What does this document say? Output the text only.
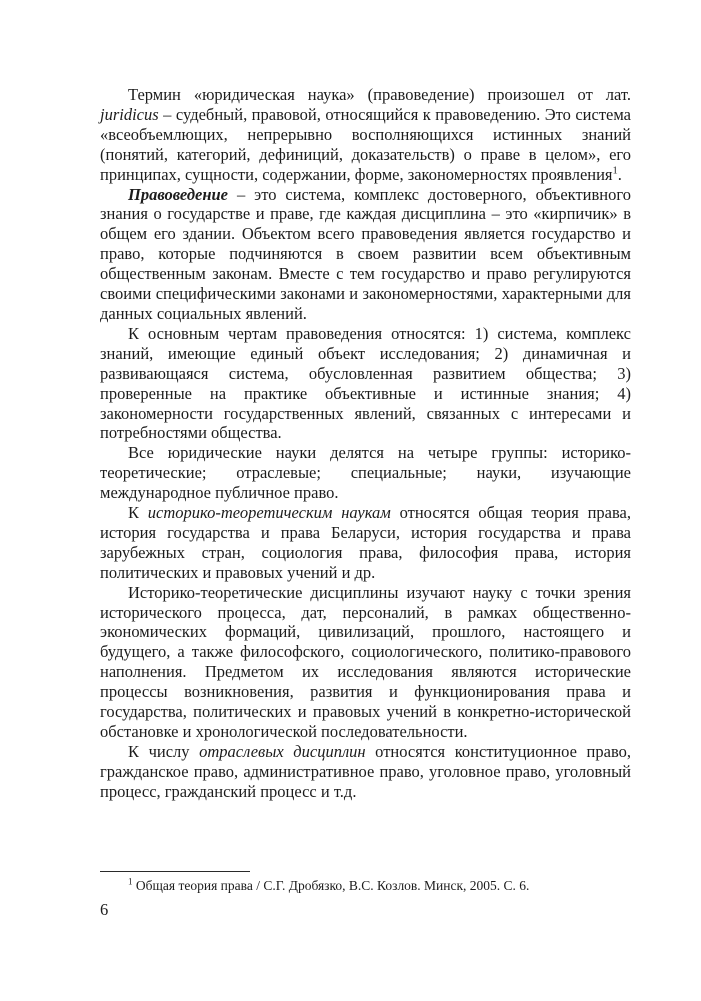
Термин «юридическая наука» (правоведение) произошел от лат. juridicus – судебный, правовой, относящийся к правоведению. Это система «всеобъемлющих, непрерывно восполняющихся истинных знаний (понятий, категорий, дефиниций, доказательств) о праве в целом», его принципах, сущности, содержании, форме, закономерностях проявления$^1$.

Правоведение – это система, комплекс достоверного, объективного знания о государстве и праве, где каждая дисциплина – это «кирпичик» в общем его здании. Объектом всего правоведения является государство и право, которые подчиняются в своем развитии всем объективным общественным законам. Вместе с тем государство и право регулируются своими специфическими законами и закономерностями, характерными для данных социальных явлений.

К основным чертам правоведения относятся: 1) система, комплекс знаний, имеющие единый объект исследования; 2) динамичная и развивающаяся система, обусловленная развитием общества; 3) проверенные на практике объективные и истинные знания; 4) закономерности государственных явлений, связанных с интересами и потребностями общества.

Все юридические науки делятся на четыре группы: историко-теоретические; отраслевые; специальные; науки, изучающие международное публичное право.

К историко-теоретическим наукам относятся общая теория права, история государства и права Беларуси, история государства и права зарубежных стран, социология права, философия права, история политических и правовых учений и др.

Историко-теоретические дисциплины изучают науку с точки зрения исторического процесса, дат, персоналий, в рамках общественно-экономических формаций, цивилизаций, прошлого, настоящего и будущего, а также философского, социологического, политико-правового наполнения. Предметом их исследования являются исторические процессы возникновения, развития и функционирования права и государства, политических и правовых учений в конкретно-исторической обстановке и хронологической последовательности.

К числу отраслевых дисциплин относятся конституционное право, гражданское право, административное право, уголовное право, уголовный процесс, гражданский процесс и т.д.

$^1$ Общая теория права / С.Г. Дробязко, В.С. Козлов. Минск, 2005. С. 6.
6
